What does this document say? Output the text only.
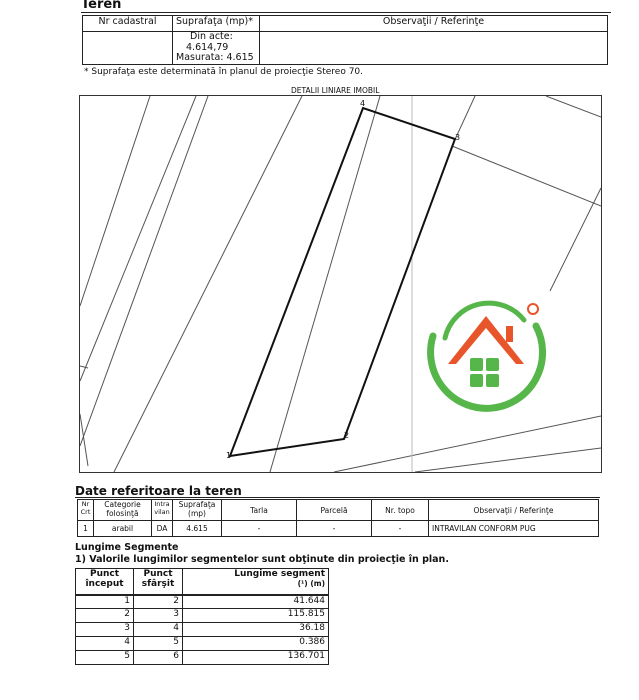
Teren
Nr cadastral	Suprafaţa (mp)*	Observaţii / Referinţe

	Din acte:
4.614,79
Masurata: 4.615	

* Suprafaţa este determinată în planul de proiecţie Stereo 70.
1
2
3
4
DETALII LINIARE IMOBIL
Date referitoare la teren
Nr Crt	Categorie folosinţă	Intra vilan	Suprafaţa (mp)	Tarla	Parcelă	Nr. topo	Observaţii / Referinţe
1	arabil	DA	4.615	-	-	-	INTRAVILAN CONFORM PUG
Lungime Segmente
1) Valorile lungimilor segmentelor sunt obţinute din proiecţie în plan.
Punct început	Punct sfârşit	Lungime segment
(¹) (m)

1	2	41.644
2	3	115.815
3	4	36.18
4	5	0.386
5	6	136.701
